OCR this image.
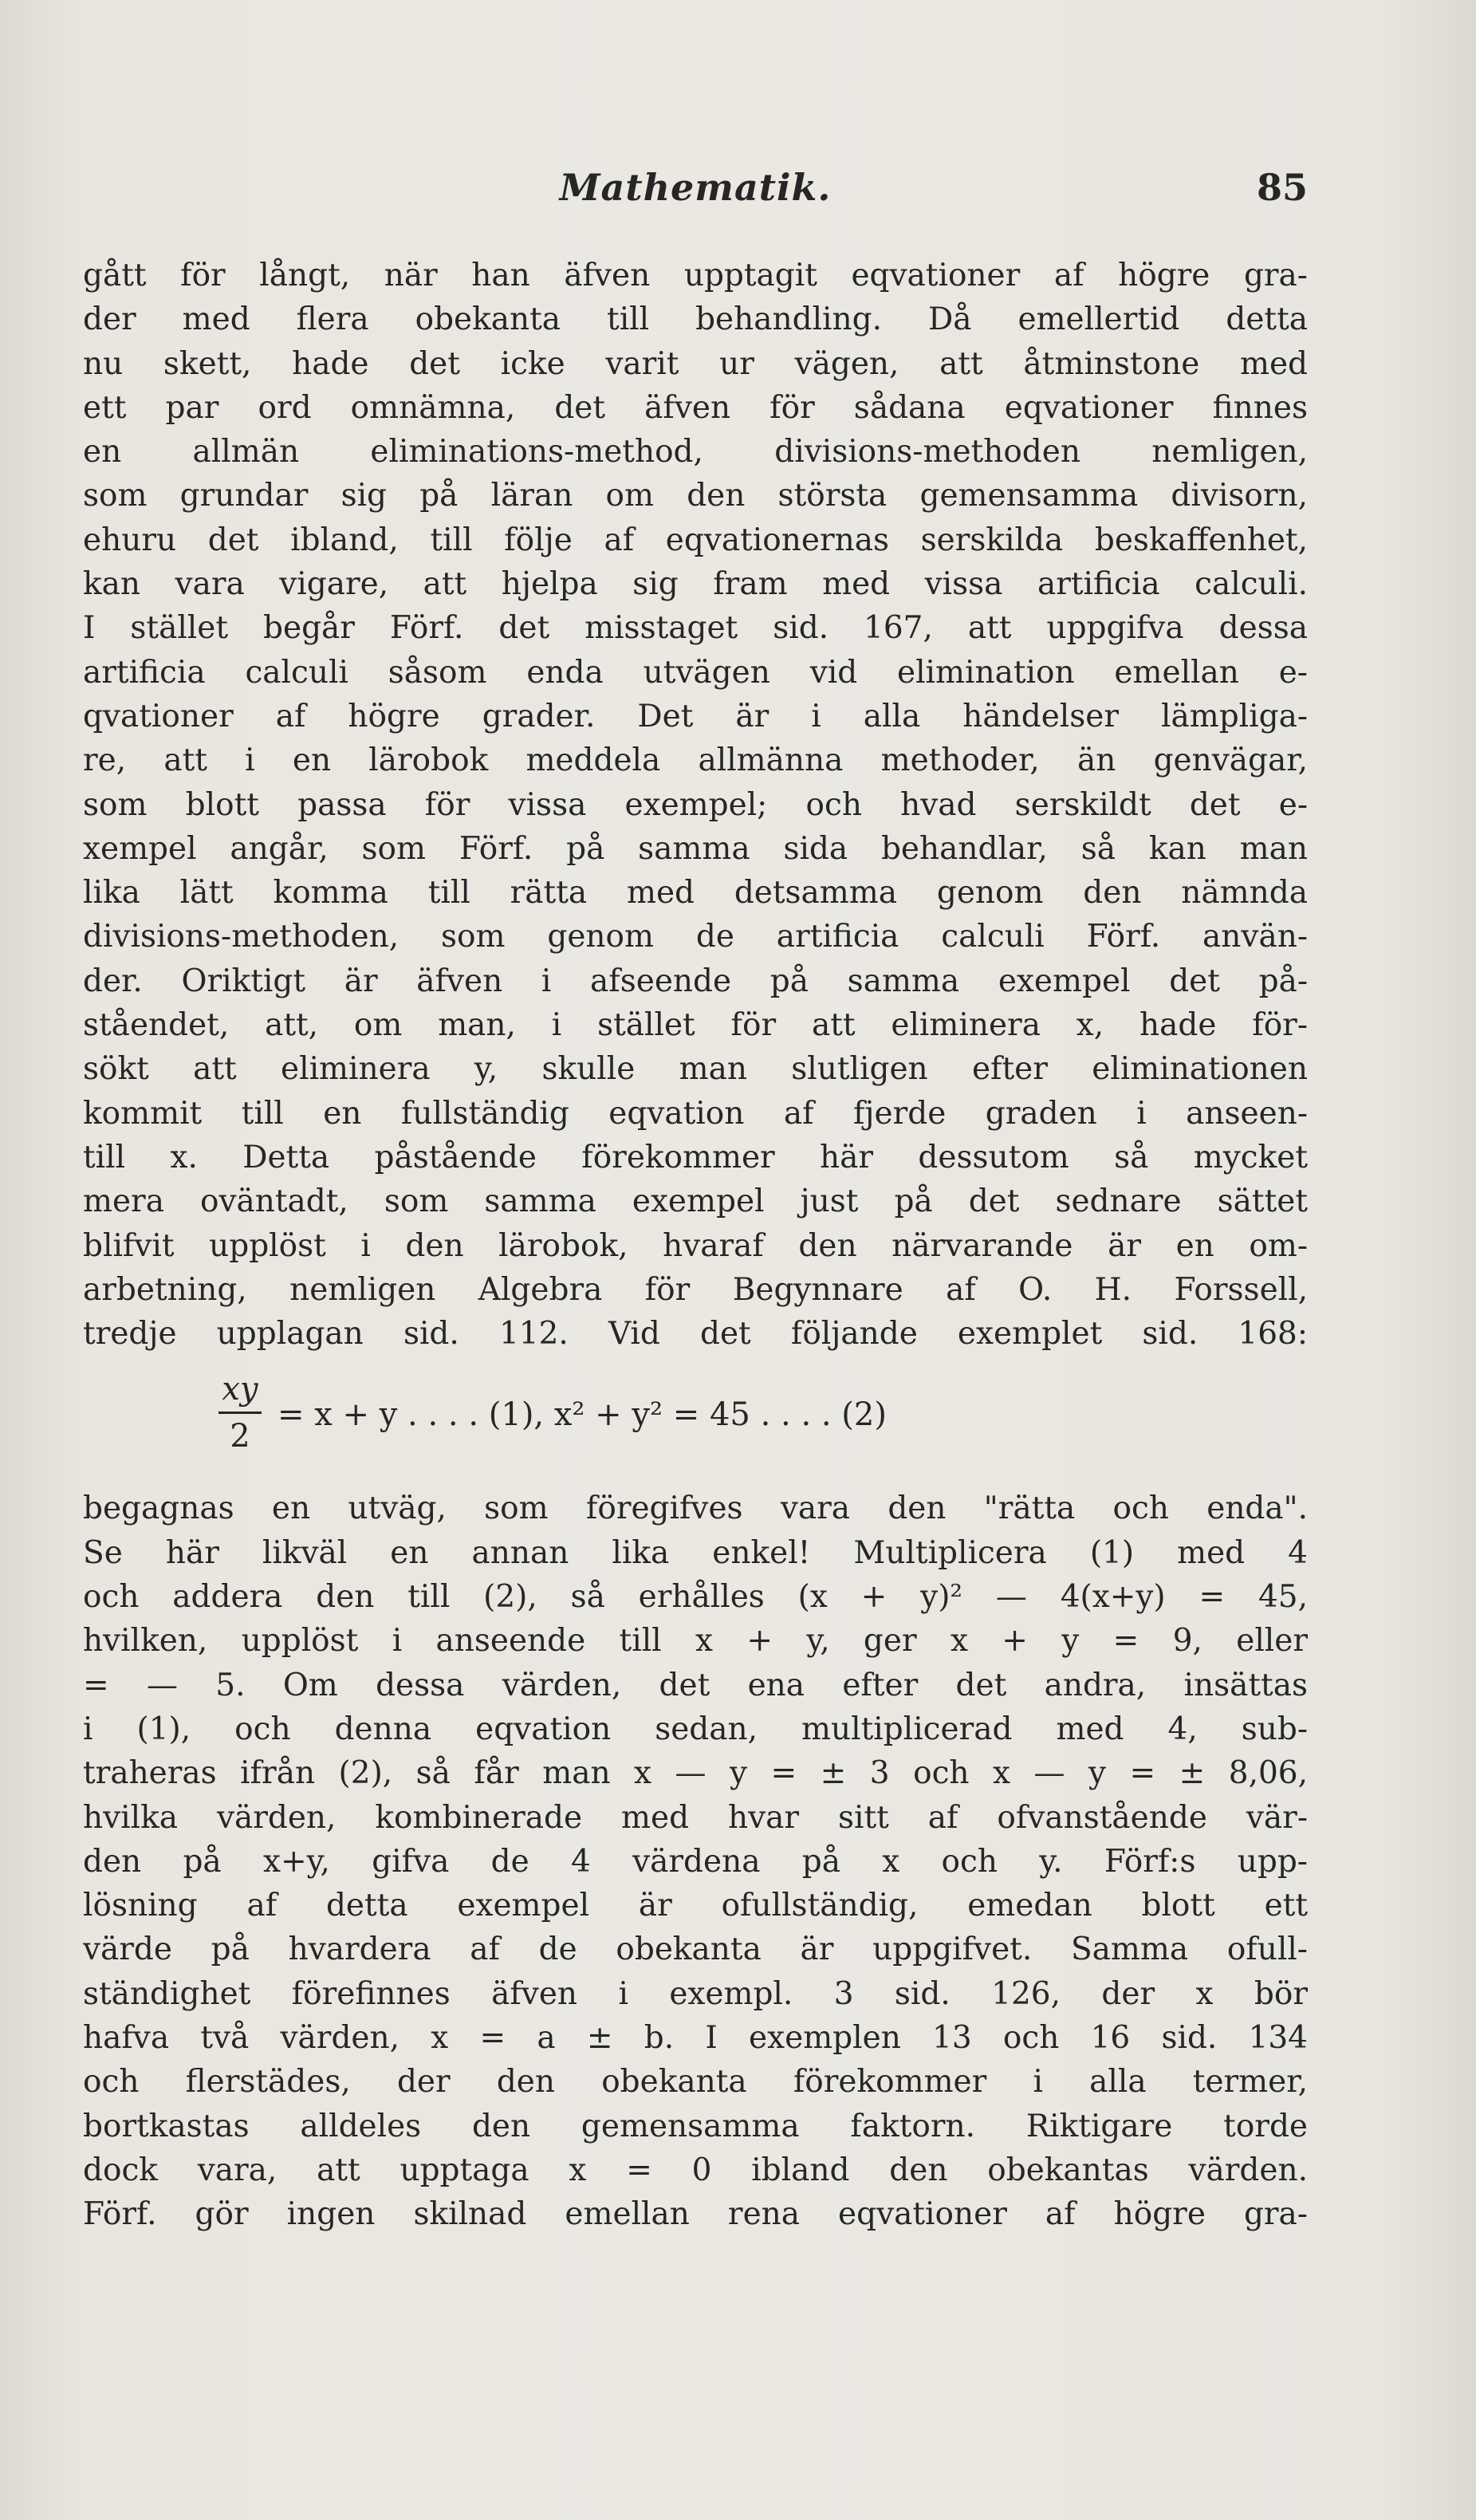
Mathematik.	85
gått för långt, när han äfven upptagit eqvationer af högre gra-
der med flera obekanta till behandling. Då emellertid detta
nu skett, hade det icke varit ur vägen, att åtminstone med
ett par ord omnämna, det äfven för sådana eqvationer finnes
en allmän eliminations-method, divisions-methoden nemligen,
som grundar sig på läran om den största gemensamma divisorn,
ehuru det ibland, till följe af eqvationernas serskilda beskaffenhet,
kan vara vigare, att hjelpa sig fram med vissa artificia calculi.
I stället begår Förf. det misstaget sid. 167, att uppgifva dessa
artificia calculi såsom enda utvägen vid elimination emellan e-
qvationer af högre grader. Det är i alla händelser lämpliga-
re, att i en lärobok meddela allmänna methoder, än genvägar,
som blott passa för vissa exempel; och hvad serskildt det e-
xempel angår, som Förf. på samma sida behandlar, så kan man
lika lätt komma till rätta med detsamma genom den nämnda
divisions-methoden, som genom de artificia calculi Förf. använ-
der. Oriktigt är äfven i afseende på samma exempel det på-
ståendet, att, om man, i stället för att eliminera x, hade för-
sökt att eliminera y, skulle man slutligen efter eliminationen
kommit till en fullständig eqvation af fjerde graden i anseen-
till x. Detta påstående förekommer här dessutom så mycket
mera oväntadt, som samma exempel just på det sednare sättet
blifvit upplöst i den lärobok, hvaraf den närvarande är en om-
arbetning, nemligen Algebra för Begynnare af O. H. Forssell,
tredje upplagan sid. 112. Vid det följande exemplet sid. 168:
xy
2
= x + y . . . . (1), x² + y² = 45 . . . . (2)
begagnas en utväg, som föregifves vara den "rätta och enda".
Se här likväl en annan lika enkel! Multiplicera (1) med 4
och addera den till (2), så erhålles (x + y)² — 4(x+y) = 45,
hvilken, upplöst i anseende till x + y, ger x + y = 9, eller
= — 5. Om dessa värden, det ena efter det andra, insättas
i (1), och denna eqvation sedan, multiplicerad med 4, sub-
traheras ifrån (2), så får man x — y = ± 3 och x — y = ± 8,06,
hvilka värden, kombinerade med hvar sitt af ofvanstående vär-
den på x+y, gifva de 4 värdena på x och y. Förf:s upp-
lösning af detta exempel är ofullständig, emedan blott ett
värde på hvardera af de obekanta är uppgifvet. Samma ofull-
ständighet förefinnes äfven i exempl. 3 sid. 126, der x bör
hafva två värden, x = a ± b. I exemplen 13 och 16 sid. 134
och flerstädes, der den obekanta förekommer i alla termer,
bortkastas alldeles den gemensamma faktorn. Riktigare torde
dock vara, att upptaga x = 0 ibland den obekantas värden.
Förf. gör ingen skilnad emellan rena eqvationer af högre gra-
